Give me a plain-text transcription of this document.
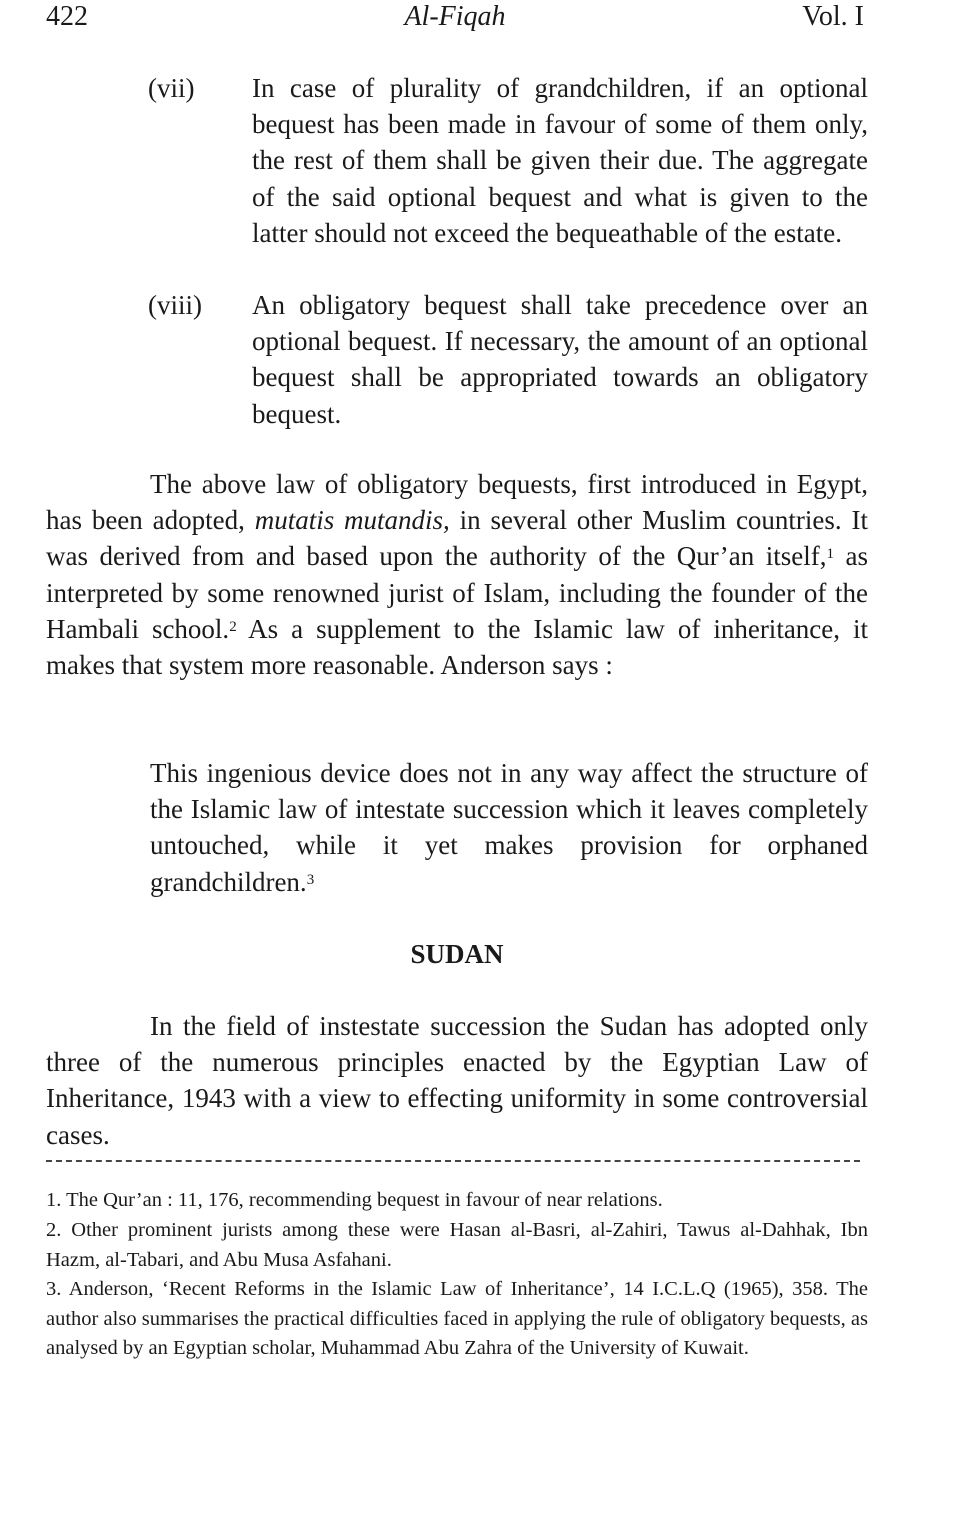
422	Al-Fiqah	Vol. I
(vii)	In case of plurality of grandchildren, if an optional bequest has been made in favour of some of them only, the rest of them shall be given their due. The aggregate of the said optional bequest and what is given to the latter should not exceed the bequeathable of the estate.
(viii)	An obligatory bequest shall take precedence over an optional bequest. If necessary, the amount of an optional bequest shall be appropriated towards an obligatory bequest.

The above law of obligatory bequests, first introduced in Egypt, has been adopted, mutatis mutandis, in several other Muslim countries. It was derived from and based upon the authority of the Qur’an itself,$^1$ as interpreted by some renowned jurist of Islam, including the founder of the Hambali school.$^2$ As a supplement to the Islamic law of inheritance, it makes that system more reasonable. Anderson says :

This ingenious device does not in any way affect the structure of the Islamic law of intestate succession which it leaves completely untouched, while it yet makes provision for orphaned grandchildren.$^3$

SUDAN

In the field of instestate succession the Sudan has adopted only three of the numerous principles enacted by the Egyptian Law of Inheritance, 1943 with a view to effecting uniformity in some controversial cases.

1. The Qur’an : 11, 176, recommending bequest in favour of near relations.

2. Other prominent jurists among these were Hasan al-Basri, al-Zahiri, Tawus al-Dahhak, Ibn Hazm, al-Tabari, and Abu Musa Asfahani.

3. Anderson, ‘Recent Reforms in the Islamic Law of Inheritance’, 14 I.C.L.Q (1965), 358. The author also summarises the practical difficulties faced in applying the rule of obligatory bequests, as analysed by an Egyptian scholar, Muhammad Abu Zahra of the University of Kuwait.
